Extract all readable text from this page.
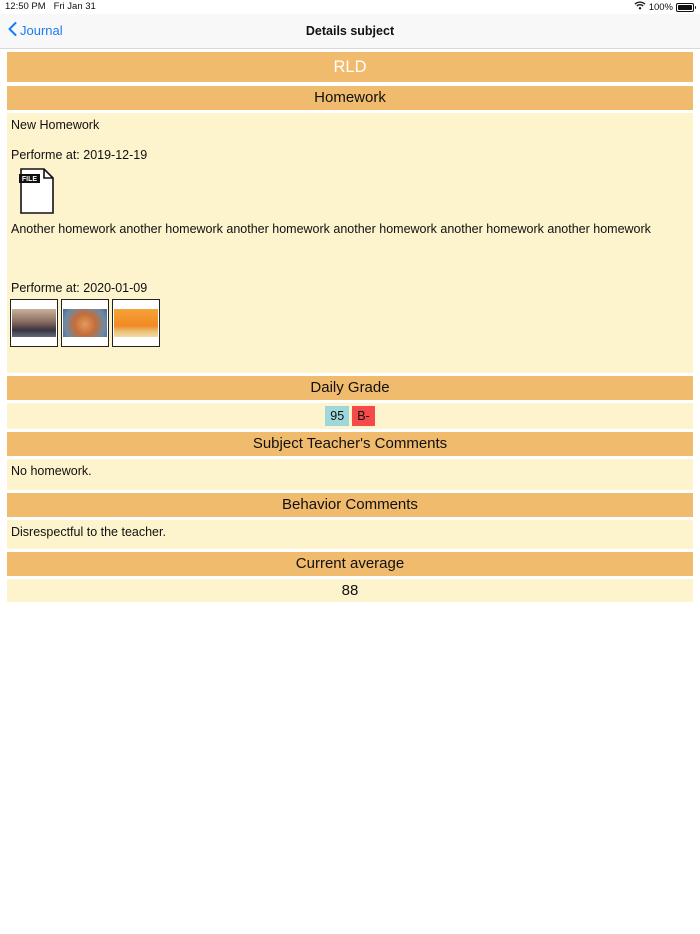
12:50 PM Fri Jan 31	100%
Journal	Details subject
RLD
Homework
New Homework
Performe at: 2019-12-19
FILE
Another homework another homework another homework another homework another homework another homework
Performe at: 2020-01-09
Daily Grade
95	B-
Subject Teacher's Comments
No homework.
Behavior Comments
Disrespectful to the teacher.
Current average
88
